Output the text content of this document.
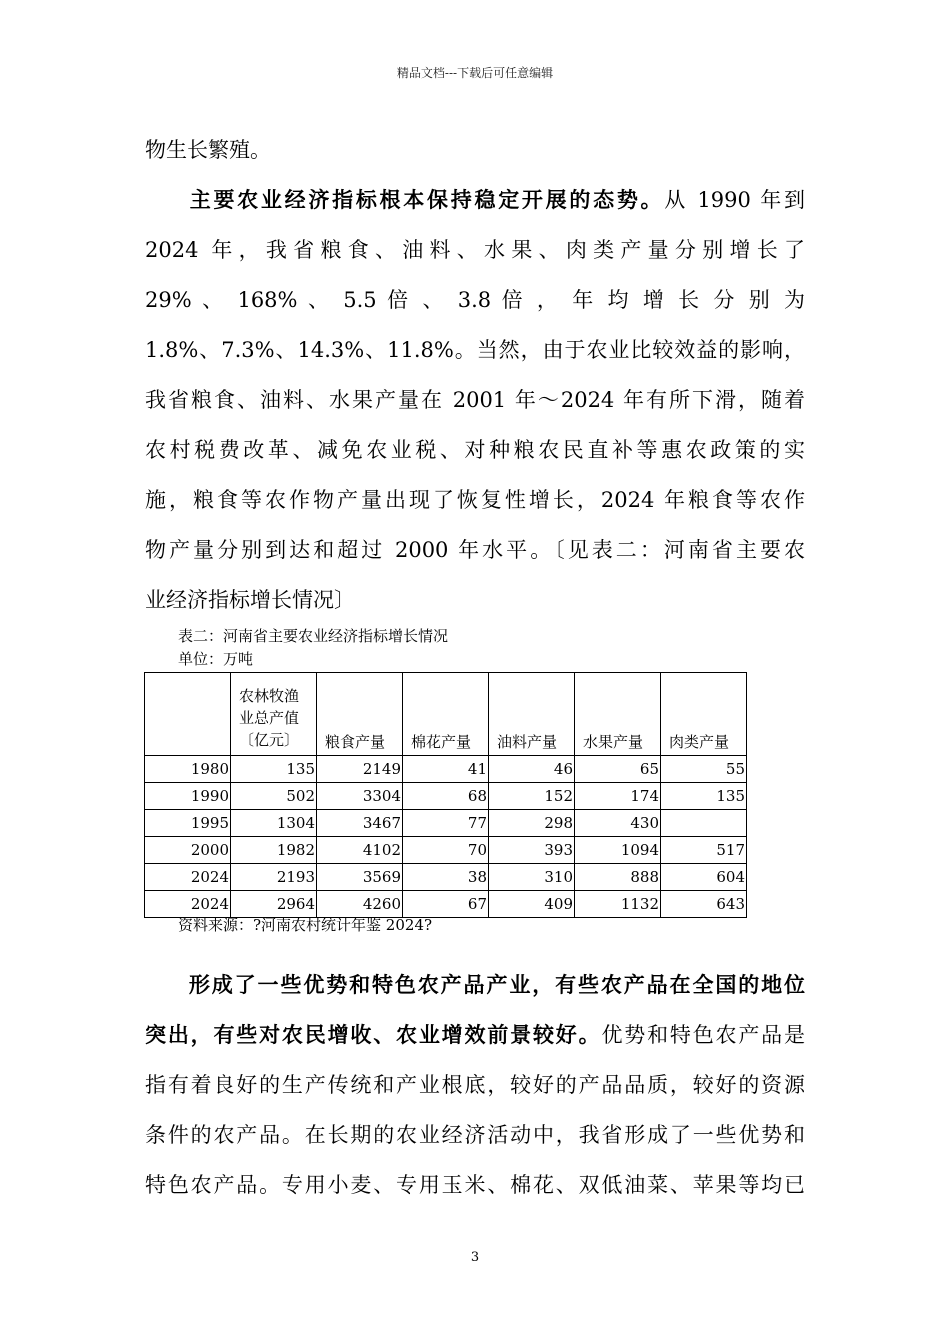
精品文档---下载后可任意编辑

物生长繁殖。

主要农业经济指标根本保持稳定开展的态势。从 1990 年到
2024 年，我省粮食、油料、水果、肉类产量分别增长了
29% 、 168% 、 5.5 倍 、 3.8 倍 ， 年 均 增 长 分 别 为
1.8%、7.3%、14.3%、11.8%。当然，由于农业比较效益的影响，
我省粮食、油料、水果产量在 2001 年～2024 年有所下滑，随着
农村税费改革、减免农业税、对种粮农民直补等惠农政策的实
施，粮食等农作物产量出现了恢复性增长，2024 年粮食等农作
物产量分别到达和超过 2000 年水平。〔见表二：河南省主要农
业经济指标增长情况〕
表二：河南省主要农业经济指标增长情况
单位：万吨
	农林牧渔业总产值〔亿元〕	粮食产量	棉花产量	油料产量	水果产量	肉类产量
1980	135	2149	41	46	65	55
1990	502	3304	68	152	174	135
1995	1304	3467	77	298	430	
2000	1982	4102	70	393	1094	517
2024	2193	3569	38	310	888	604
2024	2964	4260	67	409	1132	643
资料来源：?河南农村统计年鉴 2024?
形成了一些优势和特色农产品产业，有些农产品在全国的地位
突出，有些对农民增收、农业增效前景较好。优势和特色农产品是
指有着良好的生产传统和产业根底，较好的产品品质，较好的资源
条件的农产品。在长期的农业经济活动中，我省形成了一些优势和
特色农产品。专用小麦、专用玉米、棉花、双低油菜、苹果等均已
3
